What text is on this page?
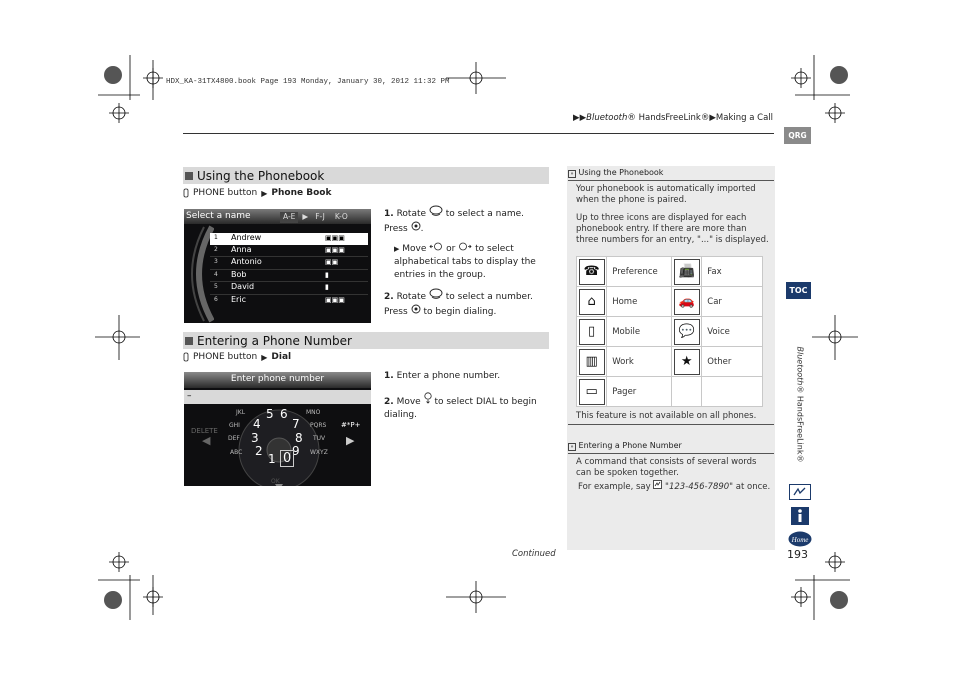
HDX_KA-31TX4800.book Page 193 Monday, January 30, 2012 11:32 PM
▶▶Bluetooth® HandsFreeLink®▶Making a Call
QRG
TOC
Bluetooth® HandsFreeLink®
Home
193
Continued
Using the Phonebook
PHONE button ▶ Phone Book
Select a name	A-E ▶ F-J	K-O
1 Andrew	▣▣▣
2 Anna	▣▣▣
3 Antonio	▣▣
4 Bob	▮
5 David	▮
6 Eric	▣▣▣
1. Rotate to select a name. Press .
▶ Move or to select alphabetical tabs to display the entries in the group.
2. Rotate to select a number. Press to begin dialing.
Entering a Phone Number
PHONE button ▶ Dial
Enter phone number
–
DELETE
◀	▶
OK
JKL 5	MNO
6
GHI 4	PQRS
7
DEF 3	TUV
8
ABC 2	WXYZ
9
1 0
#*P+
1. Enter a phone number.
2. Move to select DIAL to begin dialing.
» Using the Phonebook
Your phonebook is automatically imported when the phone is paired.
Up to three icons are displayed for each phonebook entry. If there are more than three numbers for an entry, "..." is displayed.
☎	Preference	📠	Fax
⌂	Home	🚗	Car
▯	Mobile	💬	Voice
▥	Work	★	Other
▭	Pager		
This feature is not available on all phones.
» Entering a Phone Number
A command that consists of several words can be spoken together.
For example, say "123-456-7890" at once.
